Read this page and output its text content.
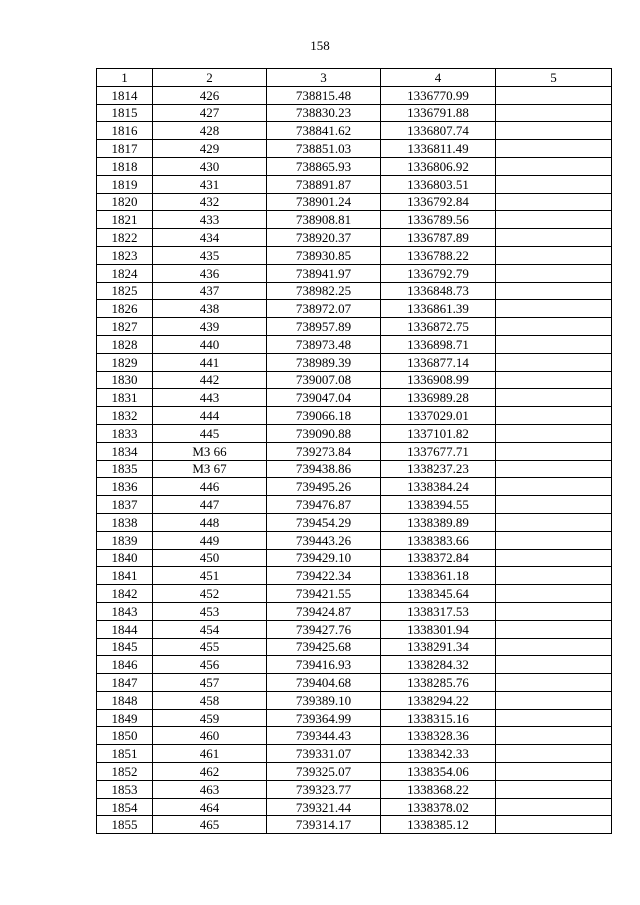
158
1	2	3	4	5
1814	426	738815.48	1336770.99	
1815	427	738830.23	1336791.88	
1816	428	738841.62	1336807.74	
1817	429	738851.03	1336811.49	
1818	430	738865.93	1336806.92	
1819	431	738891.87	1336803.51	
1820	432	738901.24	1336792.84	
1821	433	738908.81	1336789.56	
1822	434	738920.37	1336787.89	
1823	435	738930.85	1336788.22	
1824	436	738941.97	1336792.79	
1825	437	738982.25	1336848.73	
1826	438	738972.07	1336861.39	
1827	439	738957.89	1336872.75	
1828	440	738973.48	1336898.71	
1829	441	738989.39	1336877.14	
1830	442	739007.08	1336908.99	
1831	443	739047.04	1336989.28	
1832	444	739066.18	1337029.01	
1833	445	739090.88	1337101.82	
1834	МЗ 66	739273.84	1337677.71	
1835	МЗ 67	739438.86	1338237.23	
1836	446	739495.26	1338384.24	
1837	447	739476.87	1338394.55	
1838	448	739454.29	1338389.89	
1839	449	739443.26	1338383.66	
1840	450	739429.10	1338372.84	
1841	451	739422.34	1338361.18	
1842	452	739421.55	1338345.64	
1843	453	739424.87	1338317.53	
1844	454	739427.76	1338301.94	
1845	455	739425.68	1338291.34	
1846	456	739416.93	1338284.32	
1847	457	739404.68	1338285.76	
1848	458	739389.10	1338294.22	
1849	459	739364.99	1338315.16	
1850	460	739344.43	1338328.36	
1851	461	739331.07	1338342.33	
1852	462	739325.07	1338354.06	
1853	463	739323.77	1338368.22	
1854	464	739321.44	1338378.02	
1855	465	739314.17	1338385.12	
